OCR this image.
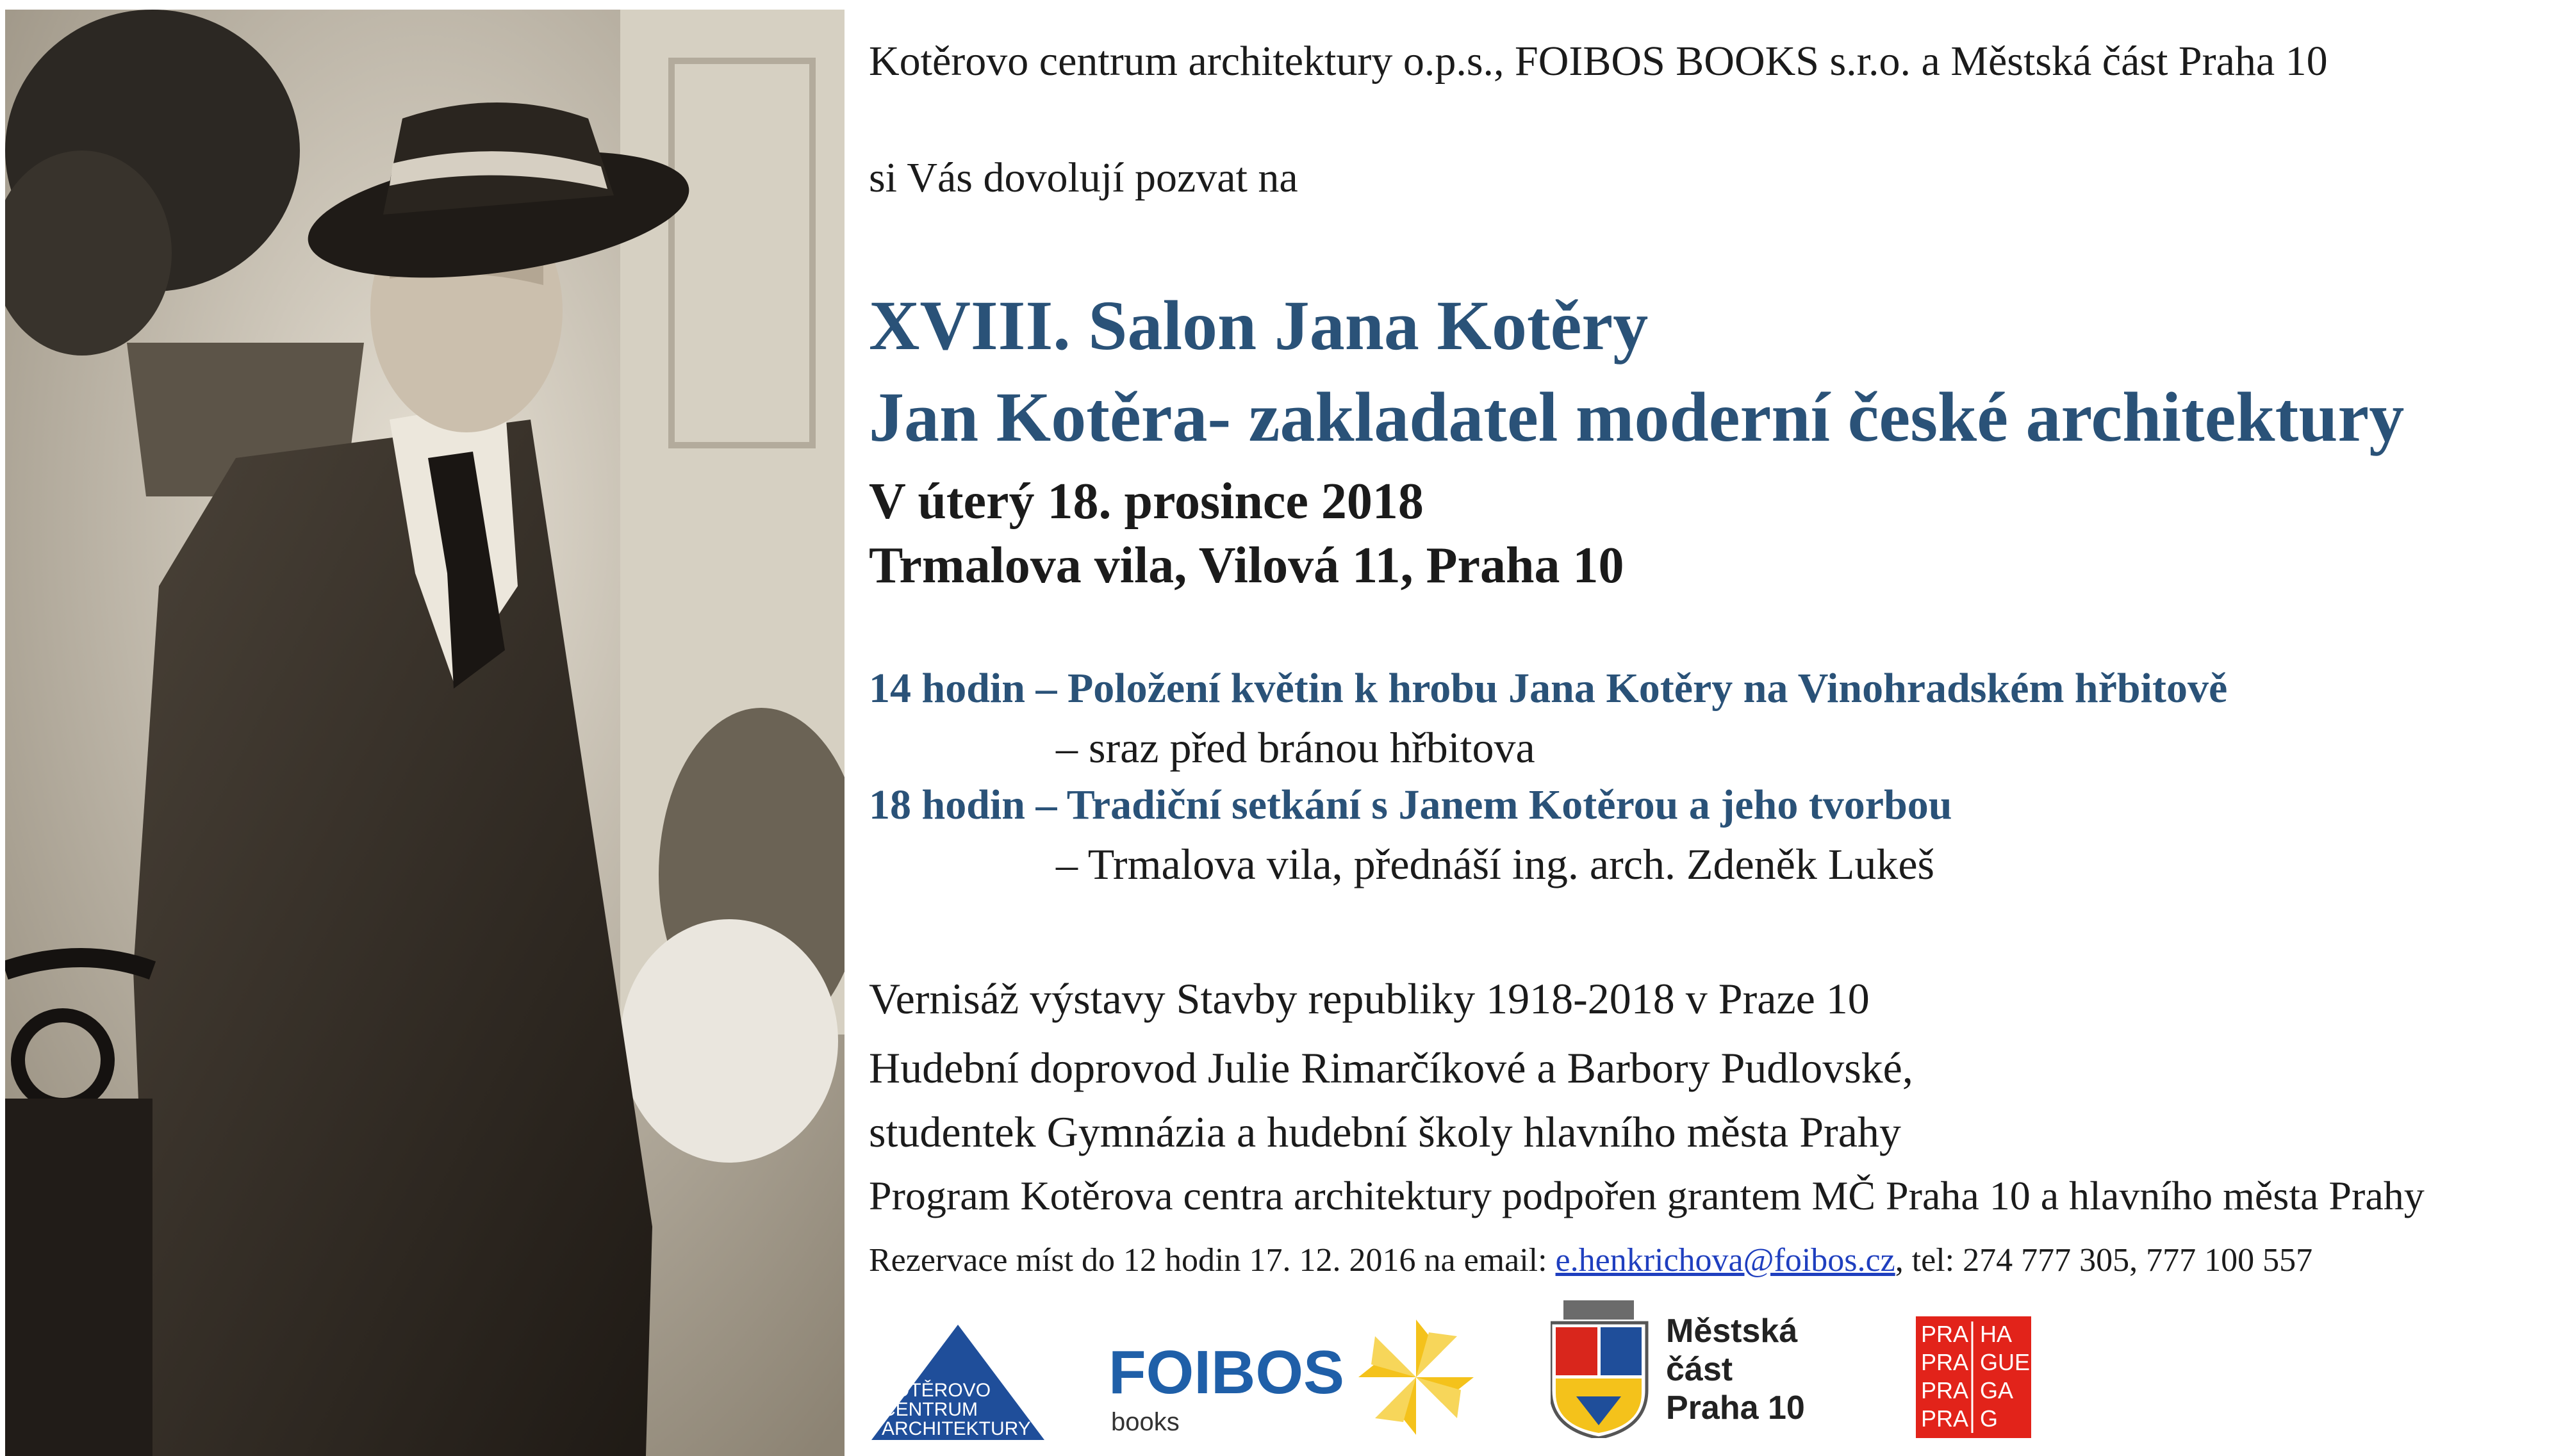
Kotěrovo centrum architektury o.p.s., FOIBOS BOOKS s.r.o. a Městská část Praha 10
si Vás dovolují pozvat na
XVIII. Salon Jana Kotěry
Jan Kotěra- zakladatel moderní české architektury
V úterý 18. prosince 2018
Trmalova vila, Vilová 11, Praha 10
14 hodin – Položení květin k hrobu Jana Kotěry na Vinohradském hřbitově
– sraz před bránou hřbitova
18 hodin – Tradiční setkání s Janem Kotěrou a jeho tvorbou
– Trmalova vila, přednáší ing. arch. Zdeněk Lukeš
Vernisáž výstavy Stavby republiky 1918-2018 v Praze 10
Hudební doprovod Julie Rimarčíkové a Barbory Pudlovské,
studentek Gymnázia a hudební školy hlavního města Prahy
Program Kotěrova centra architektury podpořen grantem MČ Praha 10 a hlavního města Prahy
Rezervace míst do 12 hodin 17. 12. 2016 na email: e.henkrichova@foibos.cz, tel: 274 777 305, 777 100 557
KOTĚROVO
CENTRUM
ARCHITEKTURY
FOIBOS
books
Městská
část
Praha 10
PRA HA
PRA GUE
PRA GA
PRA G
